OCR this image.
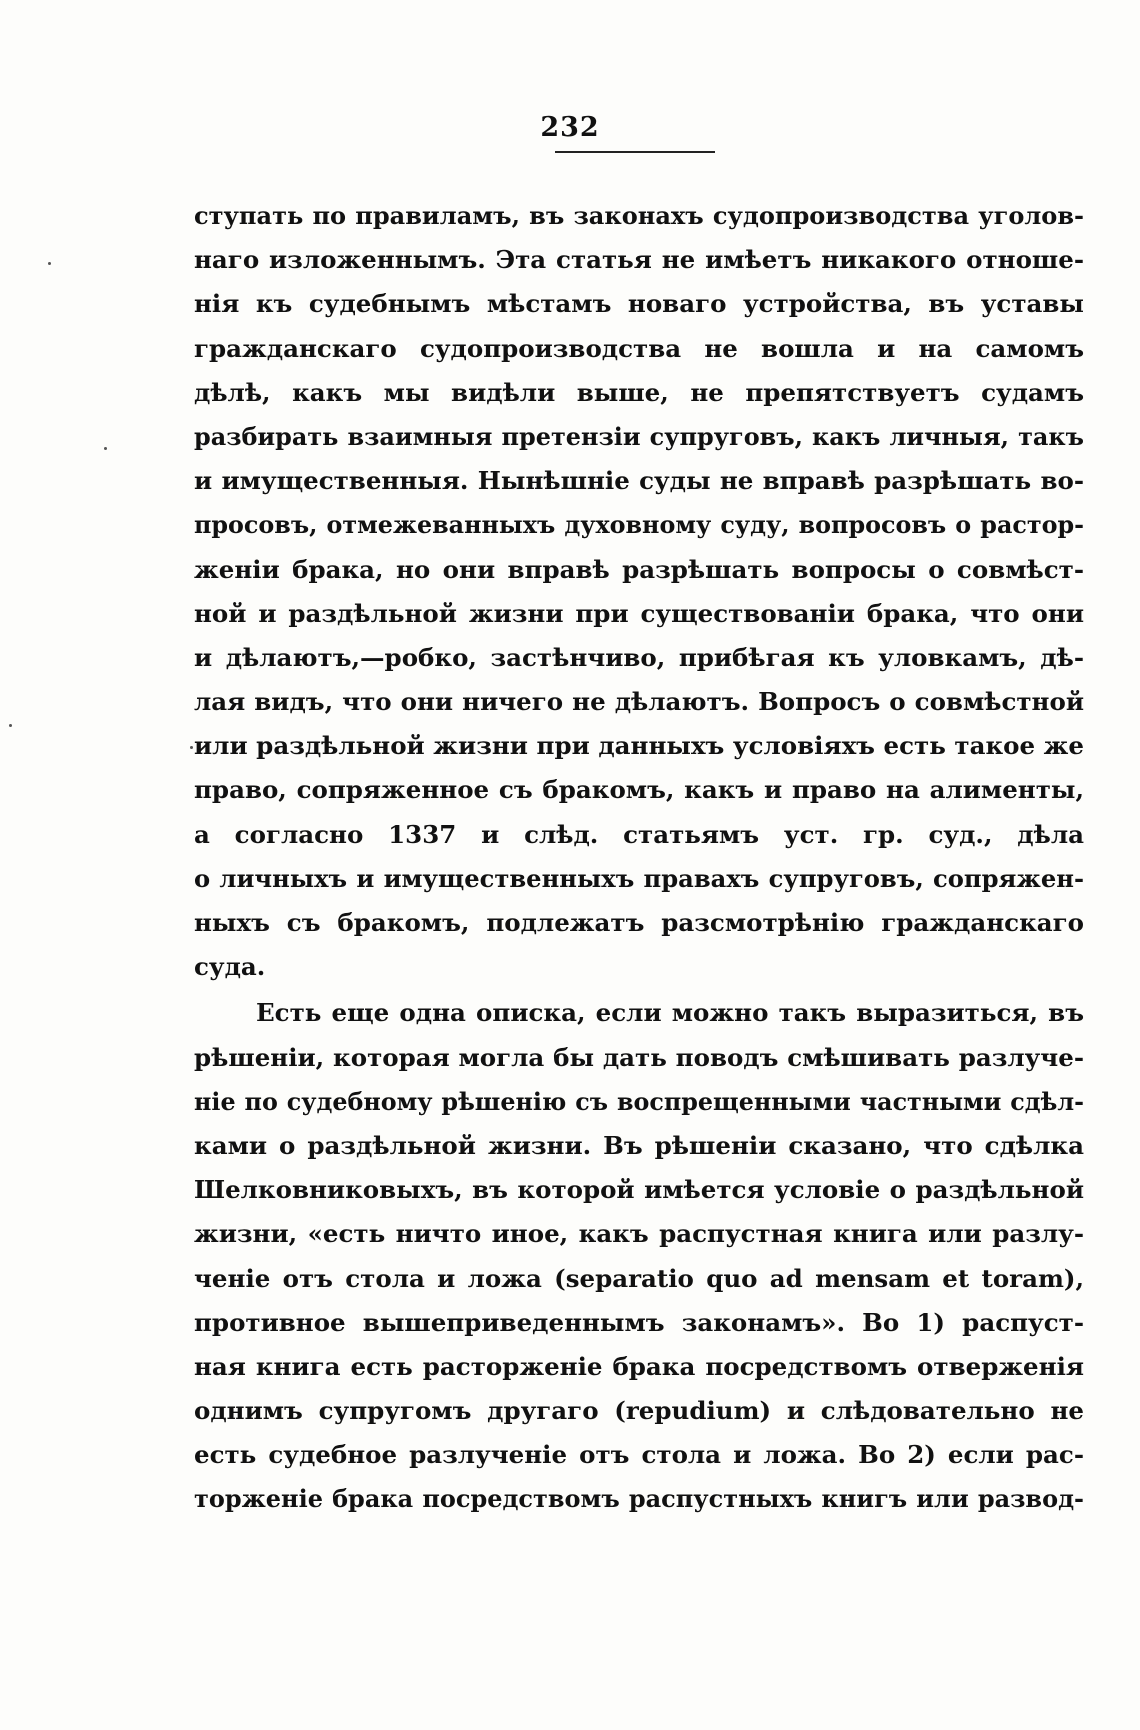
232
ступать по правиламъ, въ законахъ судопроизводства уголов-
наго изложеннымъ. Эта статья не имѣетъ никакого отноше-
нія къ судебнымъ мѣстамъ новаго устройства, въ уставы
гражданскаго судопроизводства не вошла и на самомъ
дѣлѣ, какъ мы видѣли выше, не препятствуетъ судамъ
разбирать взаимныя претензіи супруговъ, какъ личныя, такъ
и имущественныя. Нынѣшніе суды не вправѣ разрѣшать во-
просовъ, отмежеванныхъ духовному суду, вопросовъ о растор-
женіи брака, но они вправѣ разрѣшать вопросы о совмѣст-
ной и раздѣльной жизни при существованіи брака, что они
и дѣлаютъ,—робко, застѣнчиво, прибѣгая къ уловкамъ, дѣ-
лая видъ, что они ничего не дѣлаютъ. Вопросъ о совмѣстной
или раздѣльной жизни при данныхъ условіяхъ есть такое же
право, сопряженное съ бракомъ, какъ и право на алименты,
а согласно 1337 и слѣд. статьямъ уст. гр. суд., дѣла
о личныхъ и имущественныхъ правахъ супруговъ, сопряжен-
ныхъ съ бракомъ, подлежатъ разсмотрѣнію гражданскаго
суда.
Есть еще одна описка, если можно такъ выразиться, въ
рѣшеніи, которая могла бы дать поводъ смѣшивать разлуче-
ніе по судебному рѣшенію съ воспрещенными частными сдѣл-
ками о раздѣльной жизни. Въ рѣшеніи сказано, что сдѣлка
Шелковниковыхъ, въ которой имѣется условіе о раздѣльной
жизни, «есть ничто иное, какъ распустная книга или разлу-
ченіе отъ стола и ложа (separatio quo ad mensam et toram),
противное вышеприведеннымъ законамъ». Во 1) распуст-
ная книга есть расторженіе брака посредствомъ отверженія
однимъ супругомъ другаго (repudium) и слѣдовательно не
есть судебное разлученіе отъ стола и ложа. Во 2) если рас-
торженіе брака посредствомъ распустныхъ книгъ или развод-
